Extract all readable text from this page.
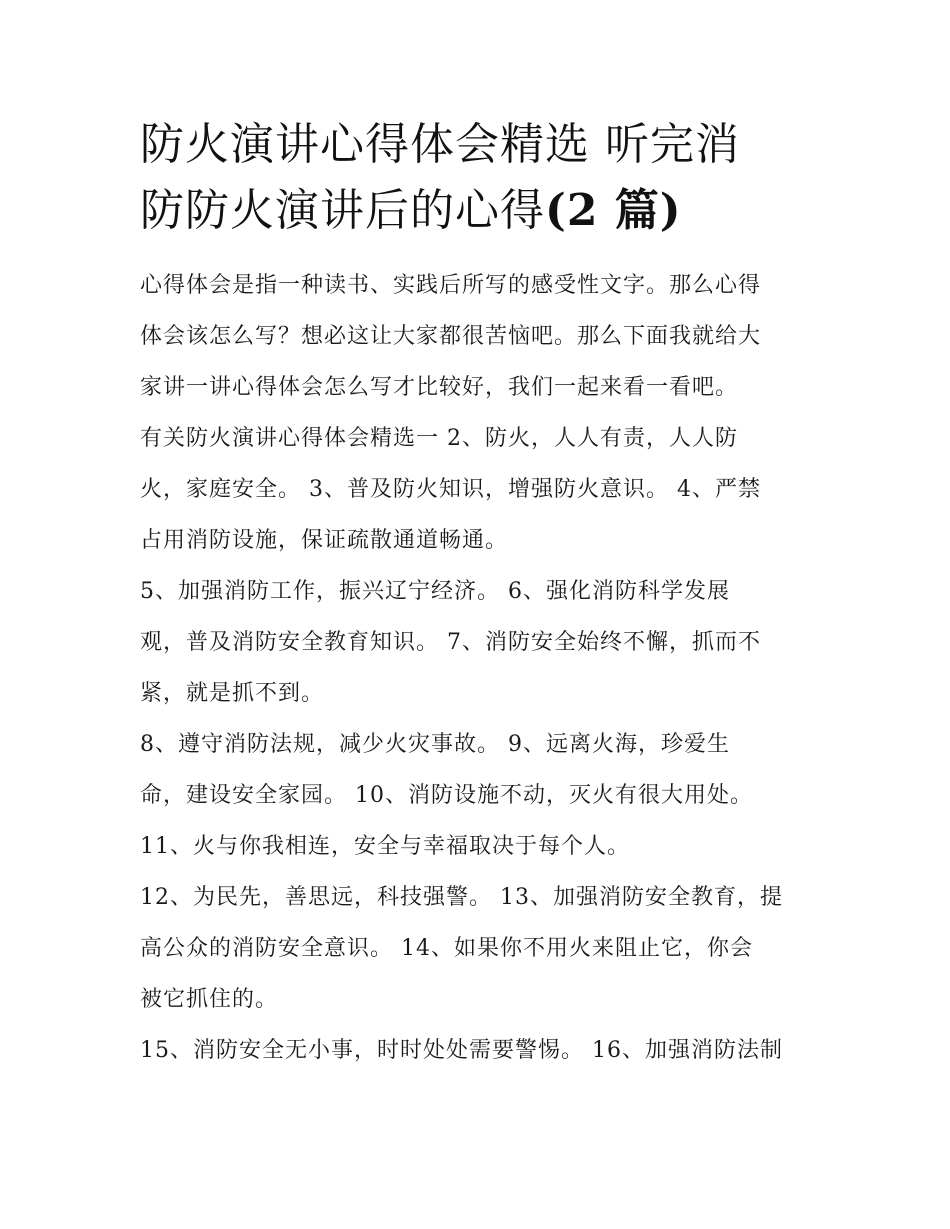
防火演讲心得体会精选 听完消
防防火演讲后的心得(2 篇)

心得体会是指一种读书、实践后所写的感受性文字。那么心得
体会该怎么写？想必这让大家都很苦恼吧。那么下面我就给大
家讲一讲心得体会怎么写才比较好，我们一起来看一看吧。
有关防火演讲心得体会精选一 2、防火，人人有责，人人防
火，家庭安全。 3、普及防火知识，增强防火意识。 4、严禁
占用消防设施，保证疏散通道畅通。

5、加强消防工作，振兴辽宁经济。 6、强化消防科学发展
观，普及消防安全教育知识。 7、消防安全始终不懈，抓而不
紧，就是抓不到。

8、遵守消防法规，减少火灾事故。 9、远离火海，珍爱生
命，建设安全家园。 10、消防设施不动，灭火有很大用处。

11、火与你我相连，安全与幸福取决于每个人。

12、为民先，善思远，科技强警。 13、加强消防安全教育，提
高公众的消防安全意识。 14、如果你不用火来阻止它，你会
被它抓住的。

15、消防安全无小事，时时处处需要警惕。 16、加强消防法制
